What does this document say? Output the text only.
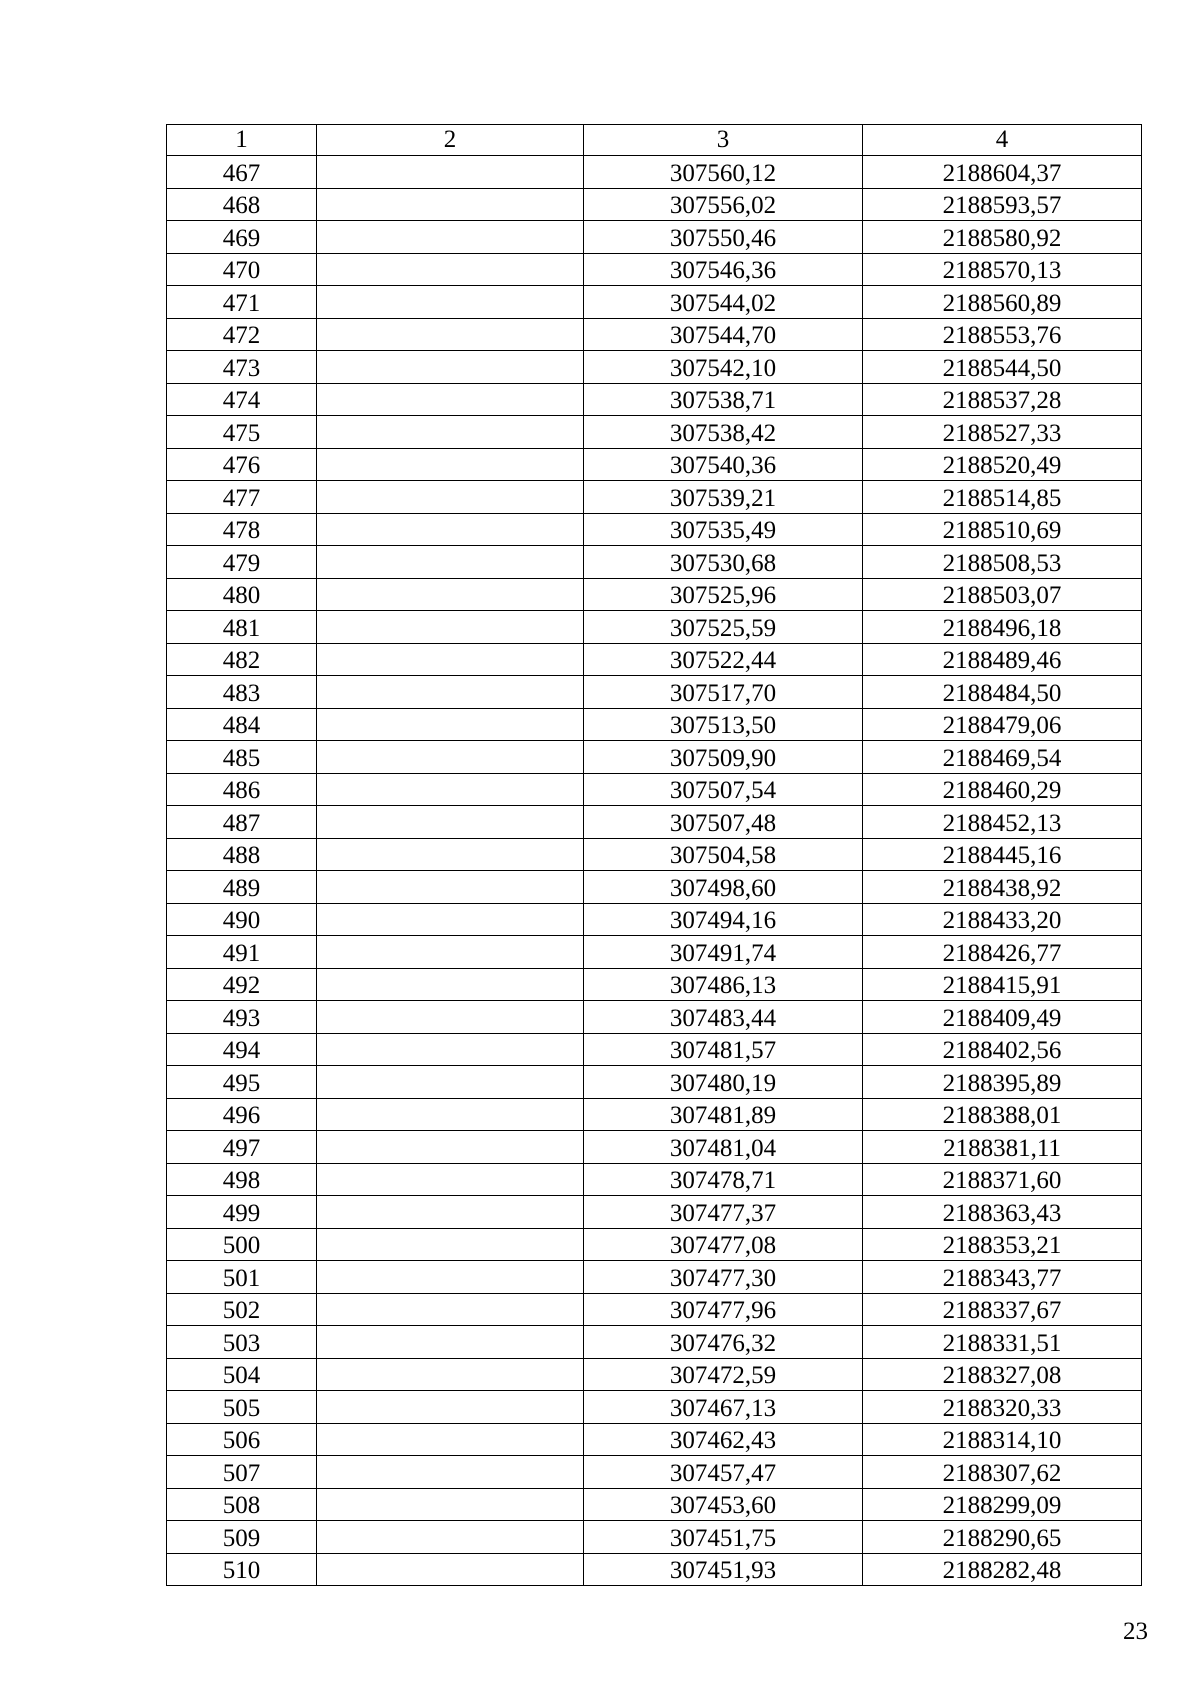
1	2	3	4
467		307560,12	2188604,37
468		307556,02	2188593,57
469		307550,46	2188580,92
470		307546,36	2188570,13
471		307544,02	2188560,89
472		307544,70	2188553,76
473		307542,10	2188544,50
474		307538,71	2188537,28
475		307538,42	2188527,33
476		307540,36	2188520,49
477		307539,21	2188514,85
478		307535,49	2188510,69
479		307530,68	2188508,53
480		307525,96	2188503,07
481		307525,59	2188496,18
482		307522,44	2188489,46
483		307517,70	2188484,50
484		307513,50	2188479,06
485		307509,90	2188469,54
486		307507,54	2188460,29
487		307507,48	2188452,13
488		307504,58	2188445,16
489		307498,60	2188438,92
490		307494,16	2188433,20
491		307491,74	2188426,77
492		307486,13	2188415,91
493		307483,44	2188409,49
494		307481,57	2188402,56
495		307480,19	2188395,89
496		307481,89	2188388,01
497		307481,04	2188381,11
498		307478,71	2188371,60
499		307477,37	2188363,43
500		307477,08	2188353,21
501		307477,30	2188343,77
502		307477,96	2188337,67
503		307476,32	2188331,51
504		307472,59	2188327,08
505		307467,13	2188320,33
506		307462,43	2188314,10
507		307457,47	2188307,62
508		307453,60	2188299,09
509		307451,75	2188290,65
510		307451,93	2188282,48
23
